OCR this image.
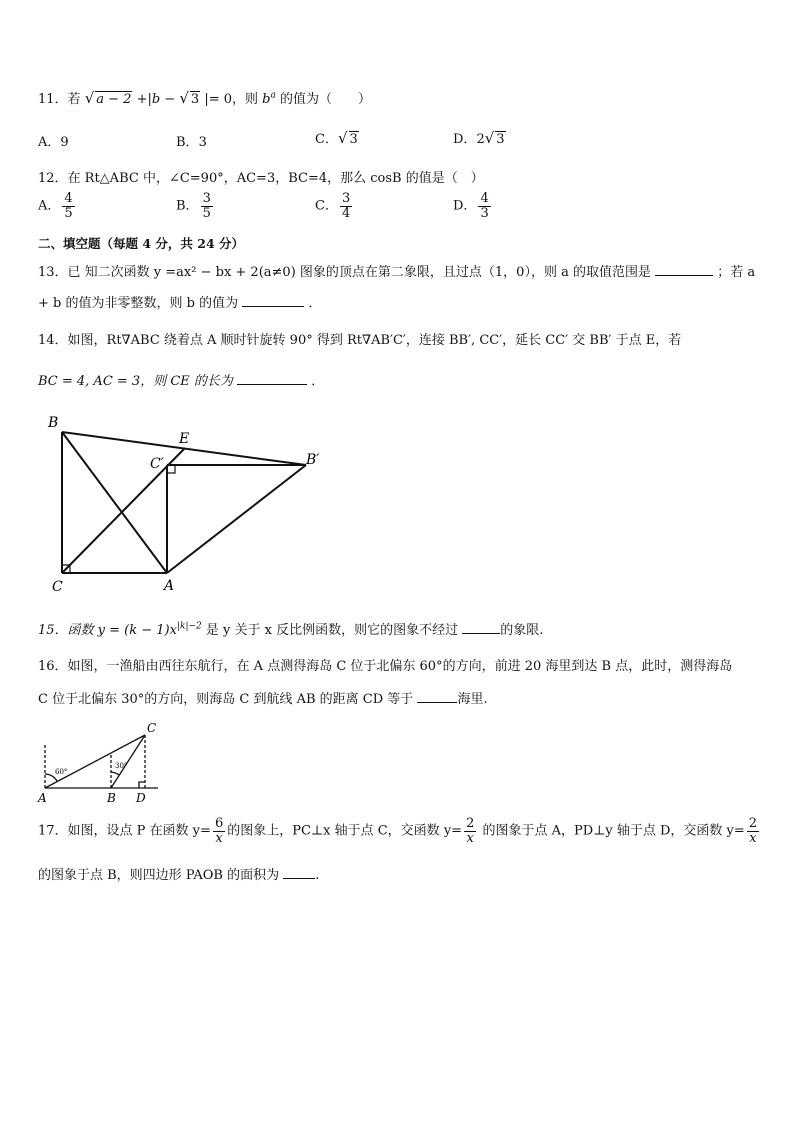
11．若 √ a − 2 +|b − √ 3 |= 0，则 $b^a$ 的值为（　　）
A．9	B．3	C．√ 3	D．2√ 3
12．在 Rt△ABC 中，∠C=90°，AC=3，BC=4，那么 cosB 的值是（　）
A． $\frac{4}{5}$	B． $\frac{3}{5}$	C． $\frac{3}{4}$	D． $\frac{4}{3}$
二、填空题（每题 4 分，共 24 分）
13．已 知二次函数 y =ax² − bx + 2(a≠0) 图象的顶点在第二象限，且过点（1，0），则 a 的取值范围是	；若 a
+ b 的值为非零整数，则 b 的值为	．
14．如图，Rt∇ABC 绕着点 A 顺时针旋转 90° 得到 Rt∇AB′C′，连接 BB′, CC′，延长 CC′ 交 BB′ 于点 E，若
BC = 4, AC = 3，则 CE 的长为	．
B
E
C′	B′
C	A
15．函数 $y = (k - 1)x^{|k|-2}$ 是 y 关于 x 反比例函数，则它的图象不经过	的象限.
16．如图，一渔船由西往东航行，在 A 点测得海岛 C 位于北偏东 60°的方向，前进 20 海里到达 B 点，此时，测得海岛
C 位于北偏东 30°的方向，则海岛 C 到航线 AB 的距离 CD 等于	海里.
C
A	B D
60°
30°
17．如图，设点 P 在函数 $y= \frac{6}{x}$ 的图象上，PC⊥x 轴于点 C，交函数 $y= \frac{2}{x}$ 的图象于点 A，PD⊥y 轴于点 D，交函数 $y= \frac{2}{x}$
的图象于点 B，则四边形 PAOB 的面积为	.
